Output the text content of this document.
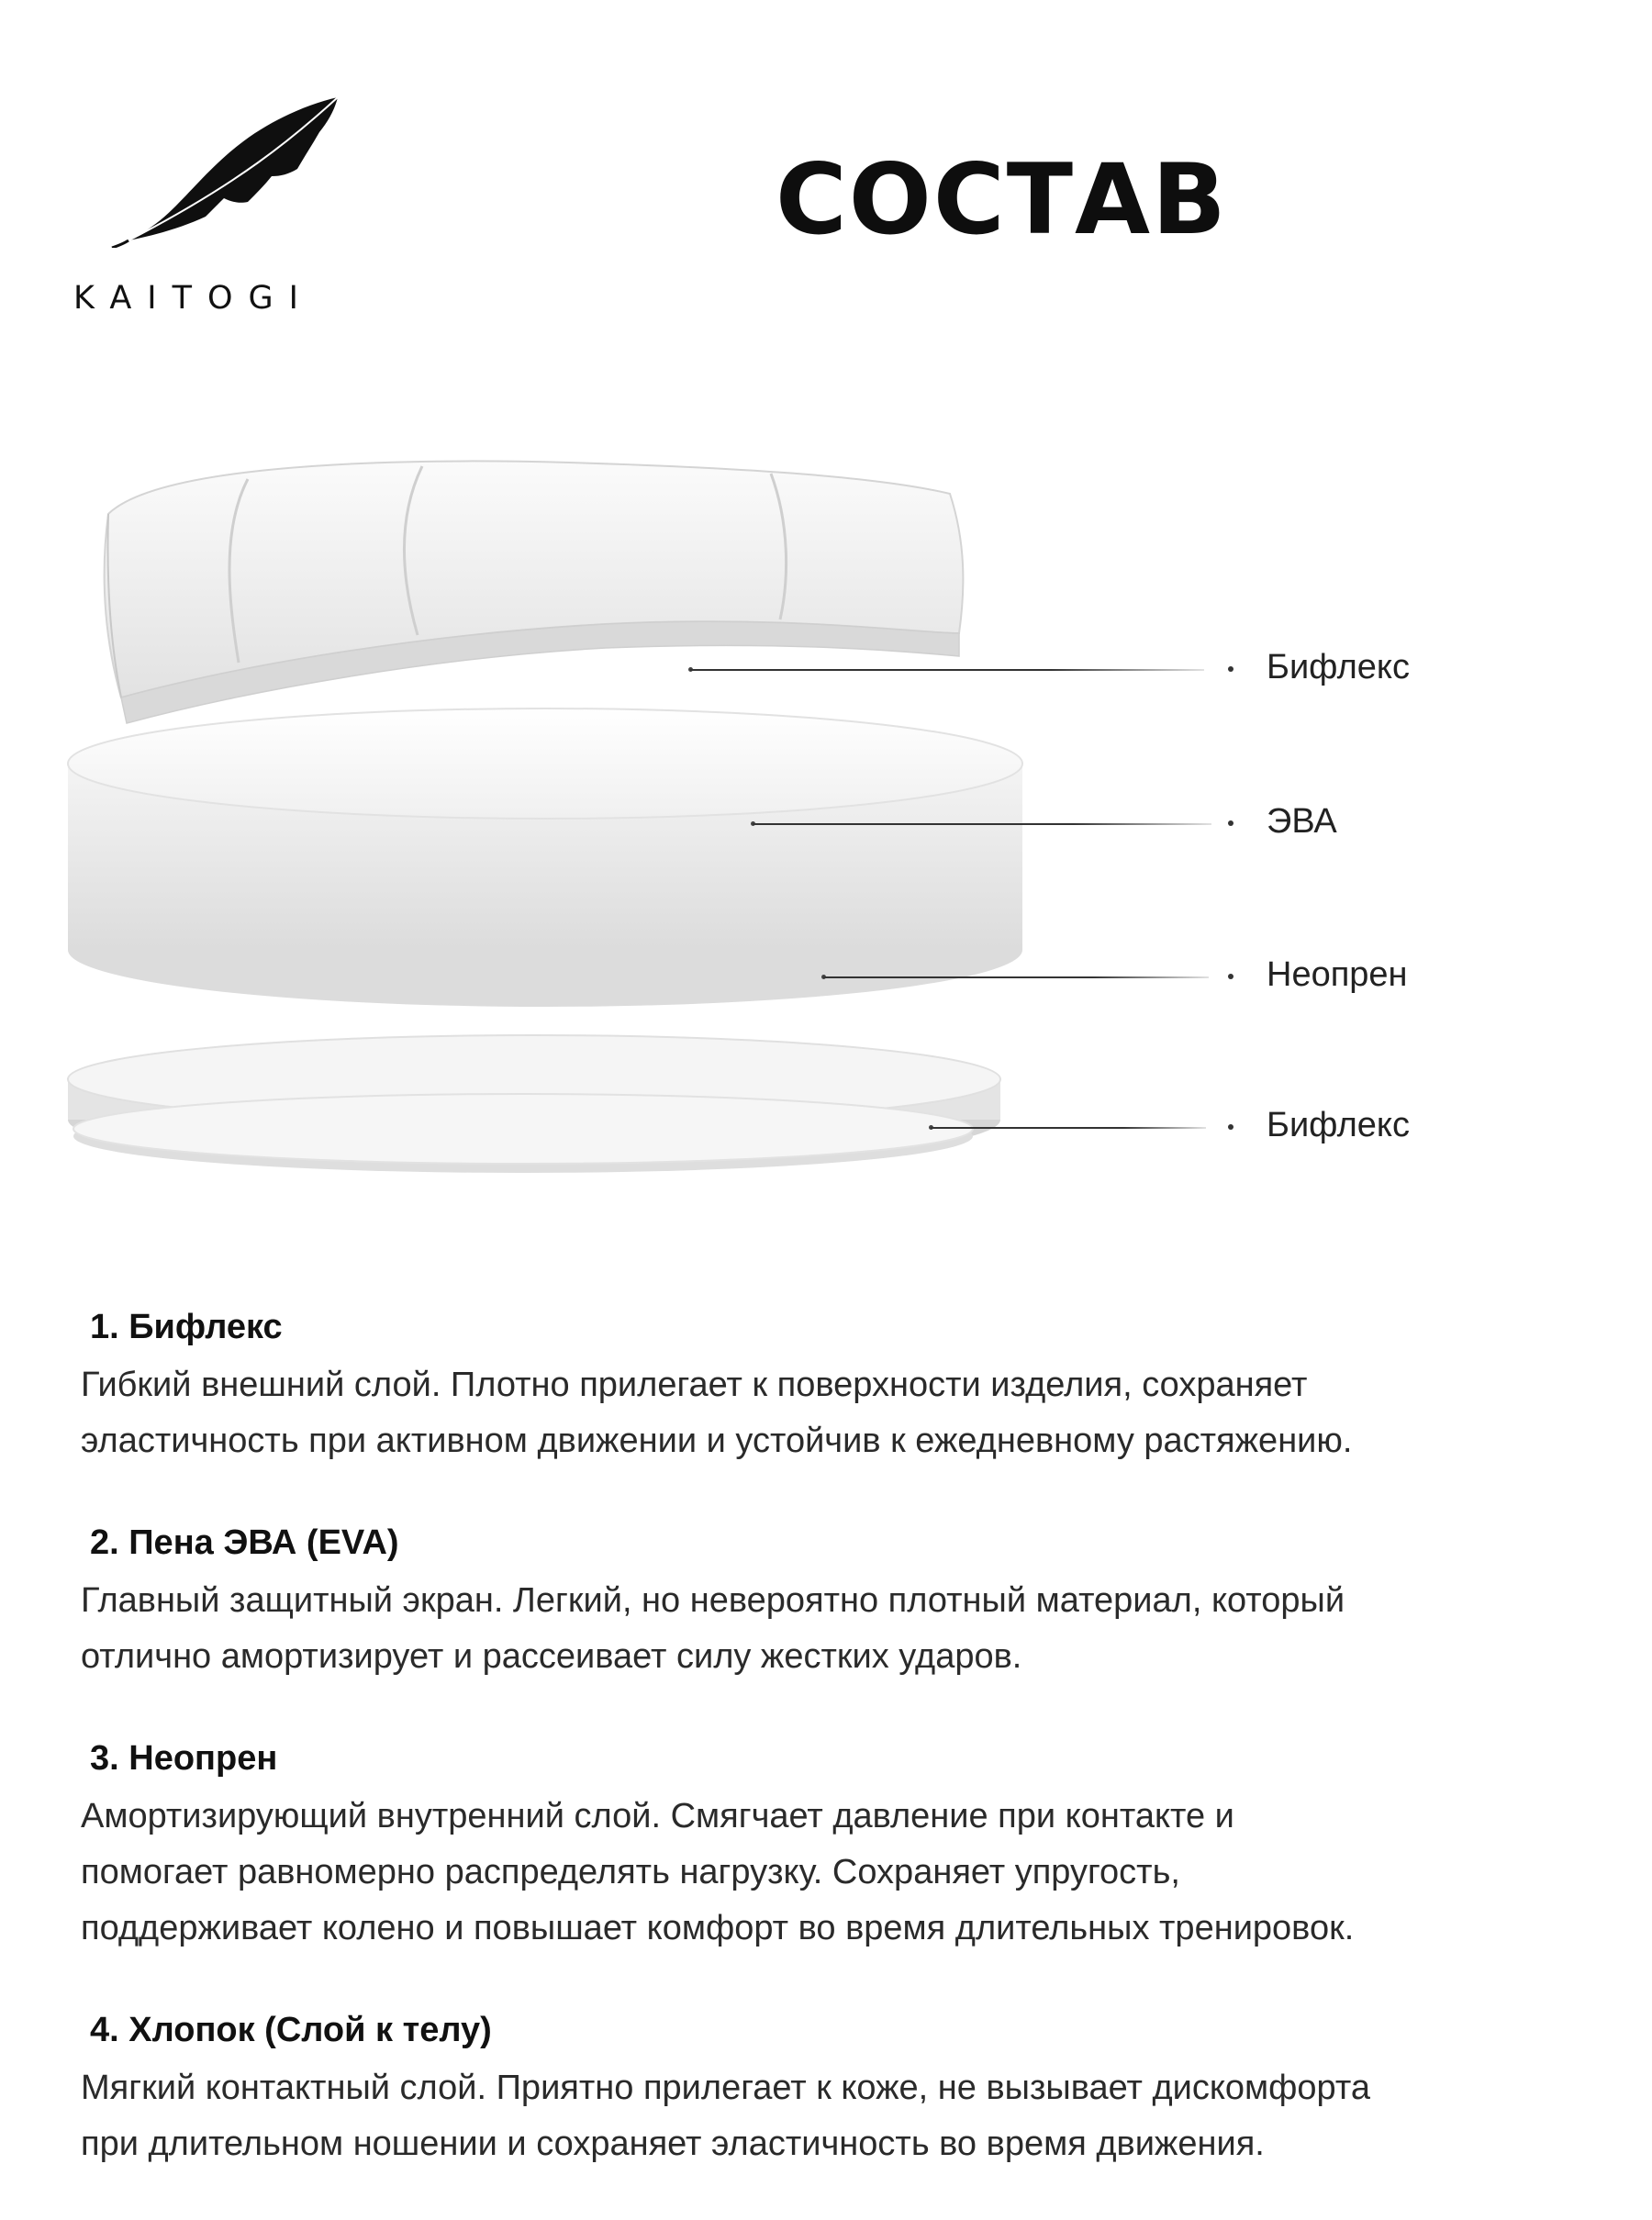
KAITOGI
СОСТАВ
Бифлекс
ЭВА
Неопрен
Бифлекс
1. Бифлекс

Гибкий внешний слой. Плотно прилегает к поверхности изделия, сохраняет
эластичность при активном движении и устойчив к ежедневному растяжению.

2. Пена ЭВА (EVA)

Главный защитный экран. Легкий, но невероятно плотный материал, который
отлично амортизирует и рассеивает силу жестких ударов.

3. Неопрен

Амортизирующий внутренний слой. Смягчает давление при контакте и
помогает равномерно распределять нагрузку. Сохраняет упругость,
поддерживает колено и повышает комфорт во время длительных тренировок.

4. Хлопок (Слой к телу)

Мягкий контактный слой. Приятно прилегает к коже, не вызывает дискомфорта
при длительном ношении и сохраняет эластичность во время движения.
